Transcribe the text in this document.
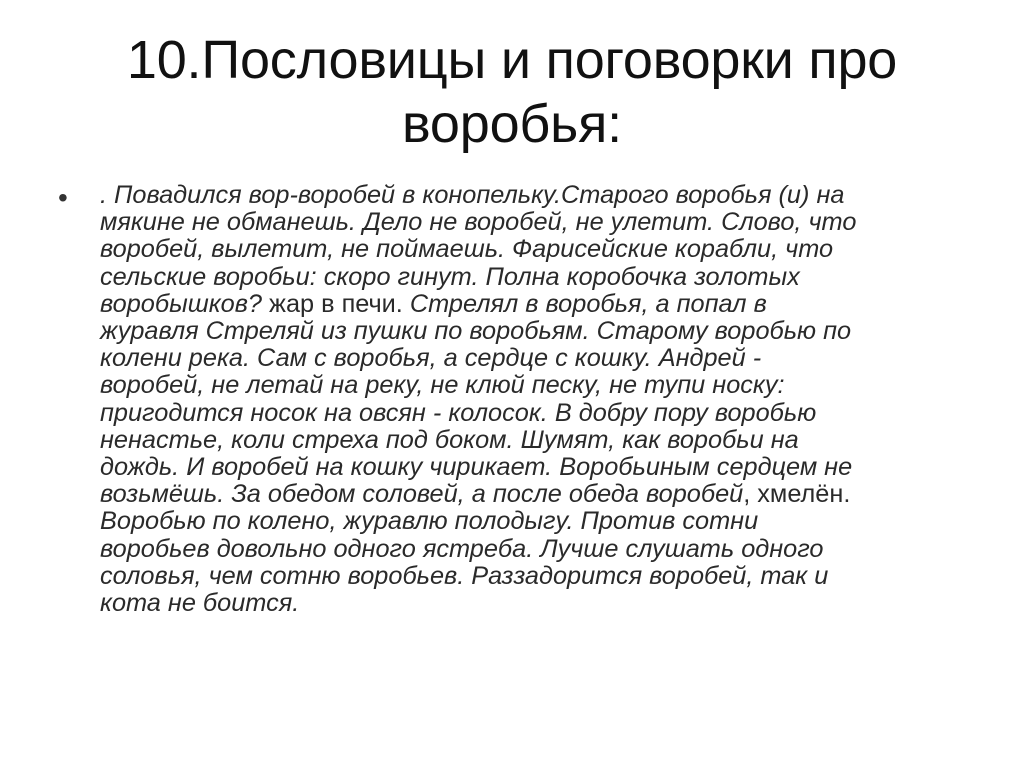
10.Пословицы и поговорки про
воробья:
• . Повадился вор-воробей в конопельку.Старого воробья (и) на
мякине не обманешь. Дело не воробей, не улетит. Слово, что
воробей, вылетит, не поймаешь. Фарисейские корабли, что
сельские воробьи: скоро гинут. Полна коробочка золотых
воробышков? жар в печи. Стрелял в воробья, а попал в
журавля Стреляй из пушки по воробьям. Старому воробью по
колени река. Сам с воробья, а сердце с кошку. Андрей -
воробей, не летай на реку, не клюй песку, не тупи носку:
пригодится носок на овсян - колосок. В добру пору воробью
ненастье, коли стреха под боком. Шумят, как воробьи на
дождь. И воробей на кошку чирикает. Воробьиным сердцем не
возьмёшь. За обедом соловей, а после обеда воробей, хмелён.
Воробью по колено, журавлю полодыгу. Против сотни
воробьев довольно одного ястреба. Лучше слушать одного
соловья, чем сотню воробьев. Раззадорится воробей, так и
кота не боится.
